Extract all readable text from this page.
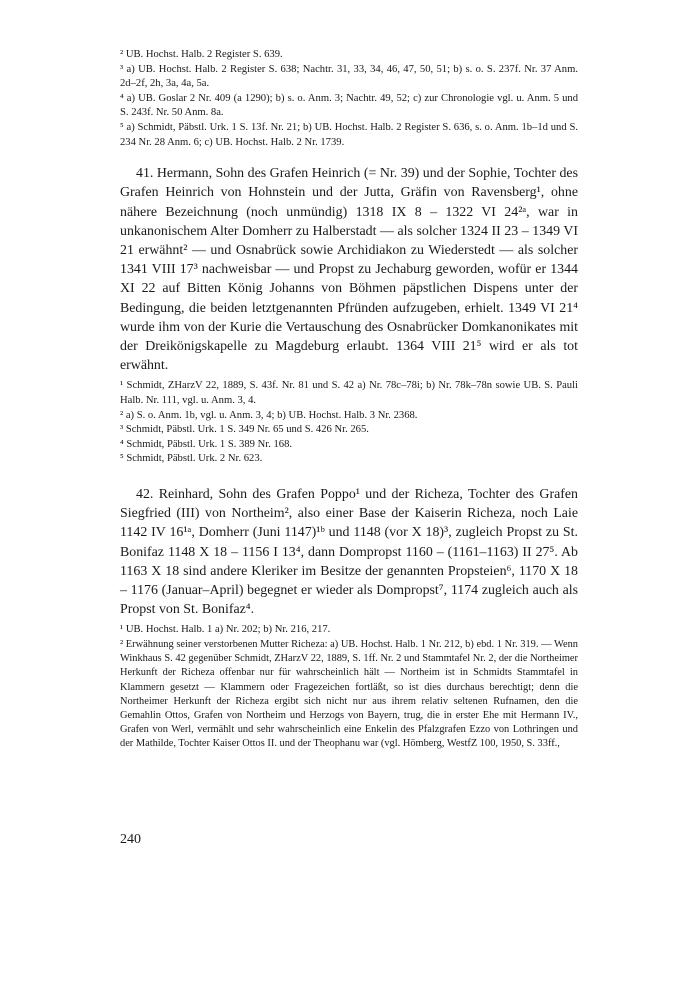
² UB. Hochst. Halb. 2 Register S. 639.

³ a) UB. Hochst. Halb. 2 Register S. 638; Nachtr. 31, 33, 34, 46, 47, 50, 51; b) s. o. S. 237f. Nr. 37 Anm. 2d–2f, 2h, 3a, 4a, 5a.

⁴ a) UB. Goslar 2 Nr. 409 (a 1290); b) s. o. Anm. 3; Nachtr. 49, 52; c) zur Chronologie vgl. u. Anm. 5 und S. 243f. Nr. 50 Anm. 8a.

⁵ a) Schmidt, Päbstl. Urk. 1 S. 13f. Nr. 21; b) UB. Hochst. Halb. 2 Register S. 636, s. o. Anm. 1b–1d und S. 234 Nr. 28 Anm. 6; c) UB. Hochst. Halb. 2 Nr. 1739.

41. Hermann, Sohn des Grafen Heinrich (= Nr. 39) und der Sophie, Tochter des Grafen Heinrich von Hohnstein und der Jutta, Gräfin von Ravensberg¹, ohne nähere Bezeichnung (noch unmündig) 1318 IX 8 – 1322 VI 24²ᵃ, war in unkanonischem Alter Domherr zu Halberstadt — als solcher 1324 II 23 – 1349 VI 21 erwähnt² — und Osnabrück sowie Archidiakon zu Wiederstedt — als solcher 1341 VIII 17³ nachweisbar — und Propst zu Jechaburg geworden, wofür er 1344 XI 22 auf Bitten König Johanns von Böhmen päpstlichen Dispens unter der Bedingung, die beiden letztgenannten Pfründen aufzugeben, erhielt. 1349 VI 21⁴ wurde ihm von der Kurie die Vertauschung des Osnabrücker Domkanonikates mit der Dreikönigskapelle zu Magdeburg erlaubt. 1364 VIII 21⁵ wird er als tot erwähnt.

¹ Schmidt, ZHarzV 22, 1889, S. 43f. Nr. 81 und S. 42 a) Nr. 78c–78i; b) Nr. 78k–78n sowie UB. S. Pauli Halb. Nr. 111, vgl. u. Anm. 3, 4.

² a) S. o. Anm. 1b, vgl. u. Anm. 3, 4; b) UB. Hochst. Halb. 3 Nr. 2368.

³ Schmidt, Päbstl. Urk. 1 S. 349 Nr. 65 und S. 426 Nr. 265.

⁴ Schmidt, Päbstl. Urk. 1 S. 389 Nr. 168.

⁵ Schmidt, Päbstl. Urk. 2 Nr. 623.

42. Reinhard, Sohn des Grafen Poppo¹ und der Richeza, Tochter des Grafen Siegfried (III) von Northeim², also einer Base der Kaiserin Richeza, noch Laie 1142 IV 16¹ᵃ, Domherr (Juni 1147)¹ᵇ und 1148 (vor X 18)³, zugleich Propst zu St. Bonifaz 1148 X 18 – 1156 I 13⁴, dann Dompropst 1160 – (1161–1163) II 27⁵. Ab 1163 X 18 sind andere Kleriker im Besitze der genannten Propsteien⁶, 1170 X 18 – 1176 (Januar–April) begegnet er wieder als Dompropst⁷, 1174 zugleich auch als Propst von St. Bonifaz⁴.

¹ UB. Hochst. Halb. 1 a) Nr. 202; b) Nr. 216, 217.

² Erwähnung seiner verstorbenen Mutter Richeza: a) UB. Hochst. Halb. 1 Nr. 212, b) ebd. 1 Nr. 319. — Wenn Winkhaus S. 42 gegenüber Schmidt, ZHarzV 22, 1889, S. 1ff. Nr. 2 und Stammtafel Nr. 2, der die Northeimer Herkunft der Richeza offenbar nur für wahrscheinlich hält — Northeim ist in Schmidts Stammtafel in Klammern gesetzt — Klammern oder Fragezeichen fortläßt, so ist dies durchaus berechtigt; denn die Northeimer Herkunft der Richeza ergibt sich nicht nur aus ihrem relativ seltenen Rufnamen, den die Gemahlin Ottos, Grafen von Northeim und Herzogs von Bayern, trug, die in erster Ehe mit Hermann IV., Grafen von Werl, vermählt und sehr wahrscheinlich eine Enkelin des Pfalzgrafen Ezzo von Lothringen und der Mathilde, Tochter Kaiser Ottos II. und der Theophanu war (vgl. Hömberg, WestfZ 100, 1950, S. 33ff.,

240
